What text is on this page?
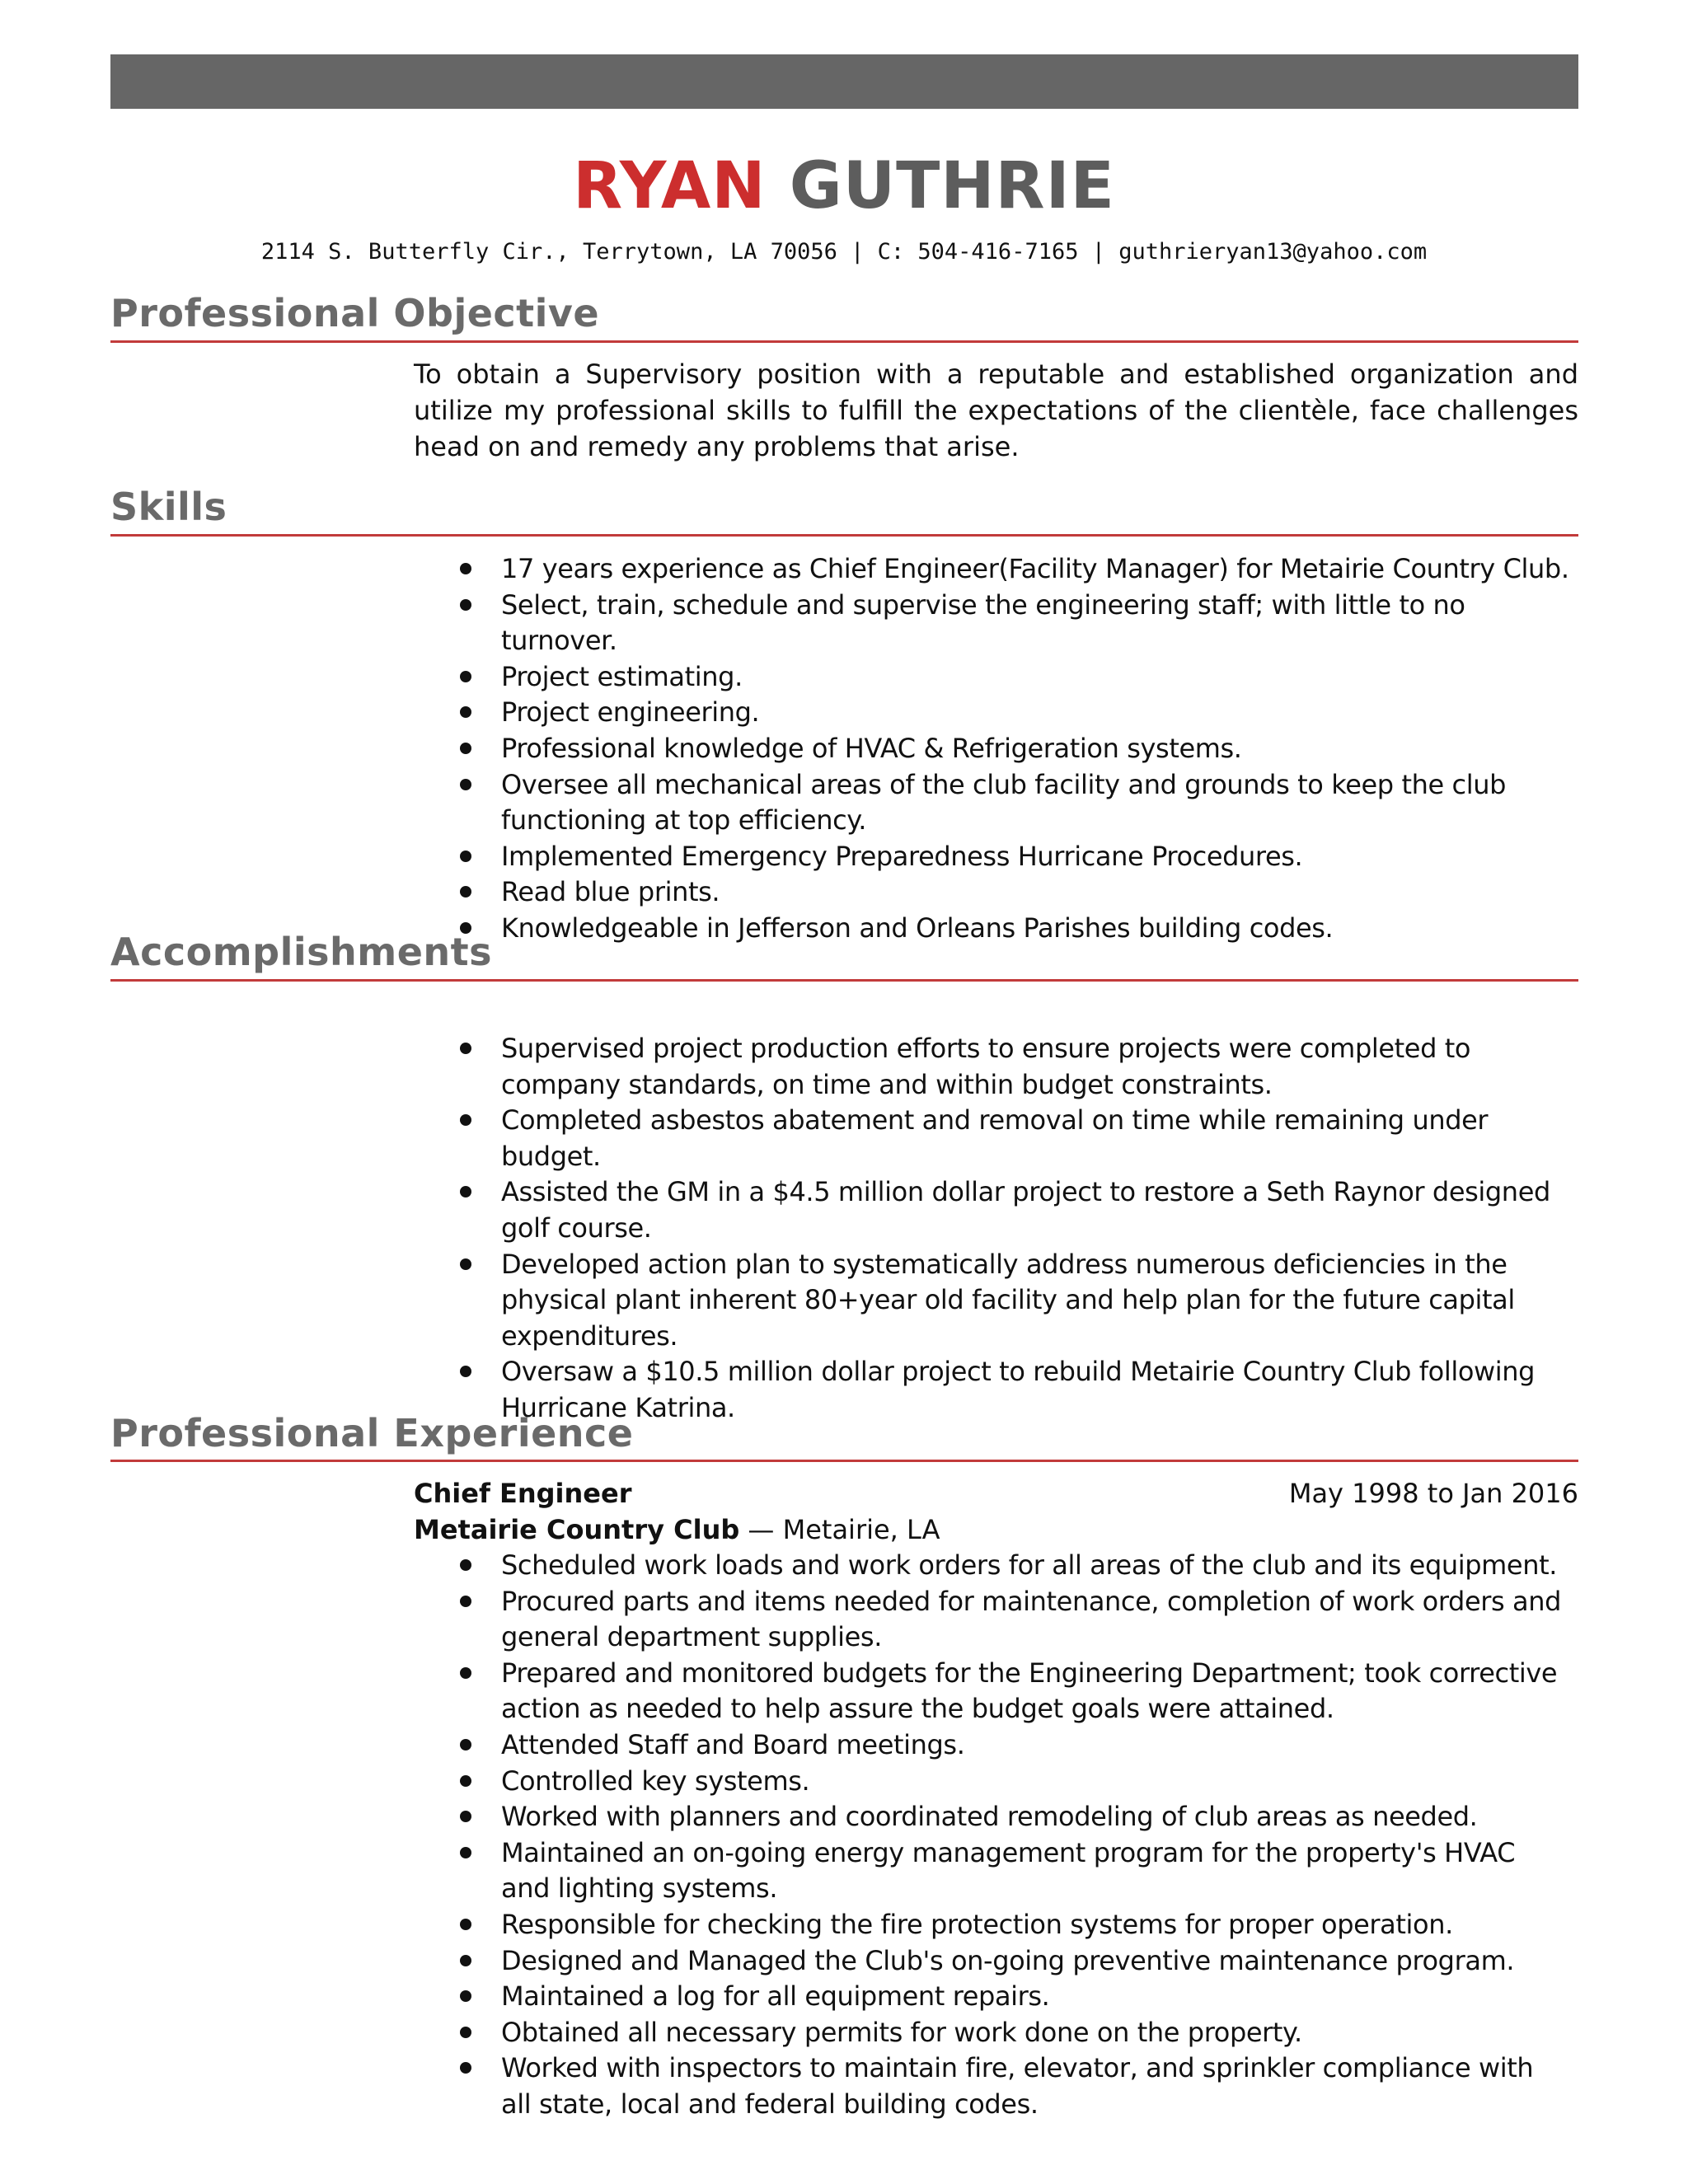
RYAN GUTHRIE
2114 S. Butterfly Cir., Terrytown, LA 70056 | C: 504-416-7165 | guthrieryan13@yahoo.com
Professional Objective
To obtain a Supervisory position with a reputable and established organization and utilize my professional skills to fulfill the expectations of the clientèle, face challenges head on and remedy any problems that arise.
Skills
17 years experience as Chief Engineer(Facility Manager) for Metairie Country Club.
Select, train, schedule and supervise the engineering staff; with little to no turnover.
Project estimating.
Project engineering.
Professional knowledge of HVAC & Refrigeration systems.
Oversee all mechanical areas of the club facility and grounds to keep the club functioning at top efficiency.
Implemented Emergency Preparedness Hurricane Procedures.
Read blue prints.
Knowledgeable in Jefferson and Orleans Parishes building codes.
Accomplishments
Supervised project production efforts to ensure projects were completed to company standards, on time and within budget constraints.
Completed asbestos abatement and removal on time while remaining under budget.
Assisted the GM in a $4.5 million dollar project to restore a Seth Raynor designed golf course.
Developed action plan to systematically address numerous deficiencies in the physical plant inherent 80+year old facility and help plan for the future capital expenditures.
Oversaw a $10.5 million dollar project to rebuild Metairie Country Club following Hurricane Katrina.
Professional Experience
Chief Engineer	May 1998 to Jan 2016
Metairie Country Club — Metairie, LA
Scheduled work loads and work orders for all areas of the club and its equipment.
Procured parts and items needed for maintenance, completion of work orders and general department supplies.
Prepared and monitored budgets for the Engineering Department; took corrective action as needed to help assure the budget goals were attained.
Attended Staff and Board meetings.
Controlled key systems.
Worked with planners and coordinated remodeling of club areas as needed.
Maintained an on-going energy management program for the property's HVAC and lighting systems.
Responsible for checking the fire protection systems for proper operation.
Designed and Managed the Club's on-going preventive maintenance program.
Maintained a log for all equipment repairs.
Obtained all necessary permits for work done on the property.
Worked with inspectors to maintain fire, elevator, and sprinkler compliance with all state, local and federal building codes.
